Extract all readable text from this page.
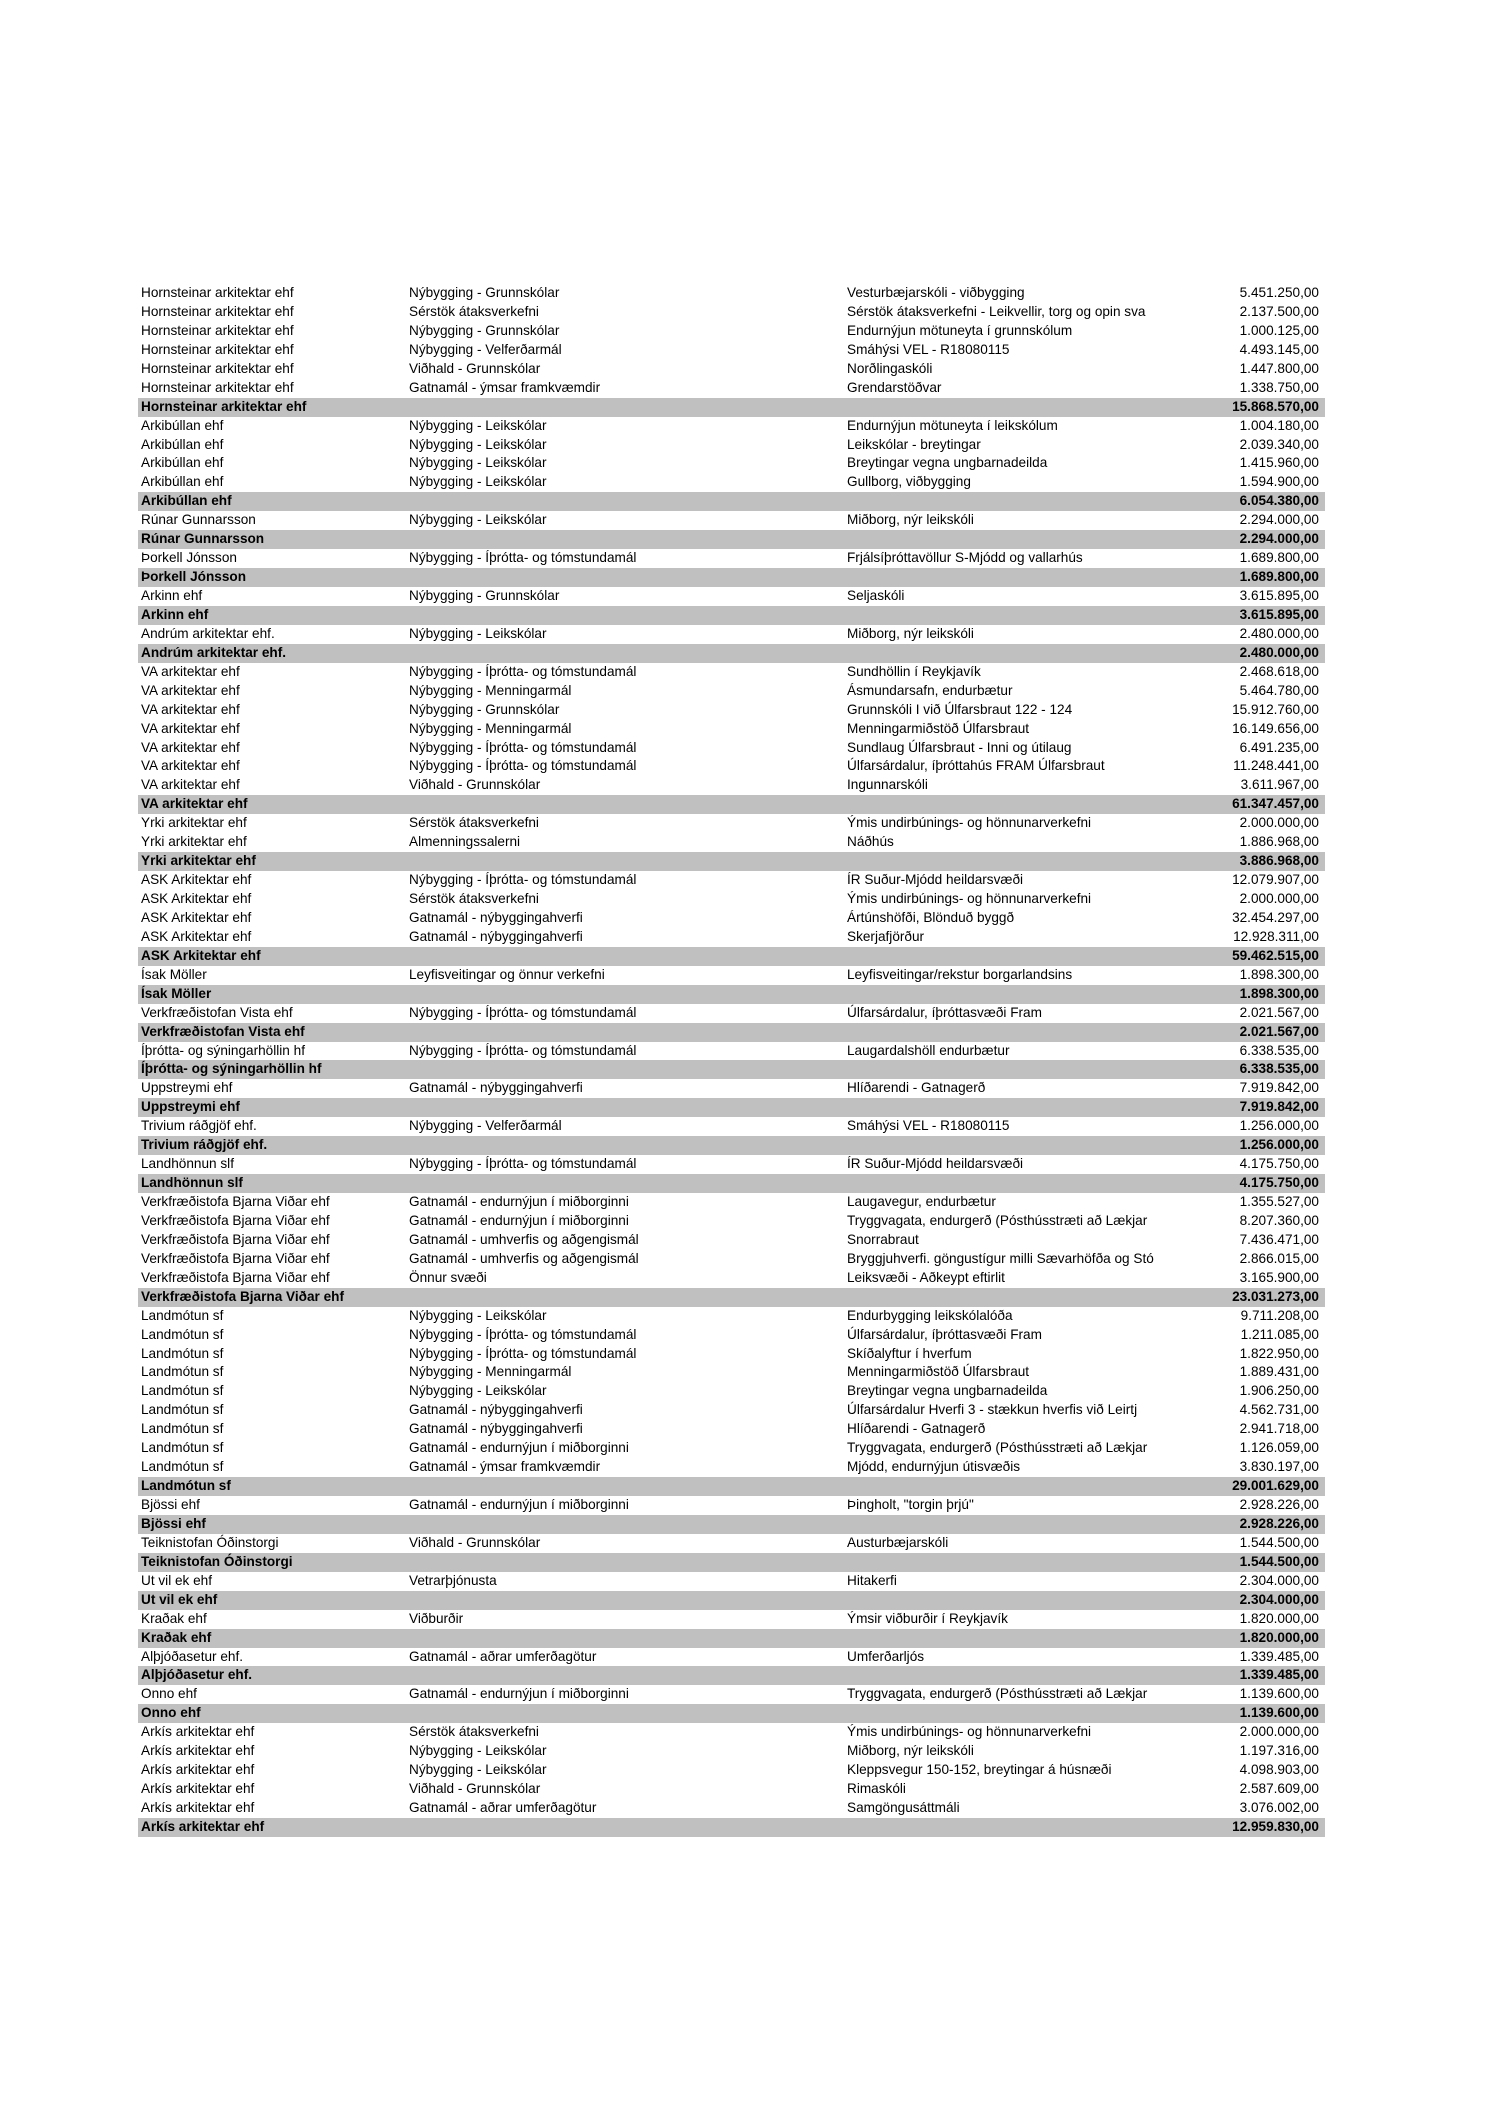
Hornsteinar arkitektar ehf	Nýbygging - Grunnskólar	Vesturbæjarskóli - viðbygging	5.451.250,00
Hornsteinar arkitektar ehf	Sérstök átaksverkefni	Sérstök átaksverkefni - Leikvellir, torg og opin sva	2.137.500,00
Hornsteinar arkitektar ehf	Nýbygging - Grunnskólar	Endurnýjun mötuneyta í grunnskólum	1.000.125,00
Hornsteinar arkitektar ehf	Nýbygging - Velferðarmál	Smáhýsi VEL - R18080115	4.493.145,00
Hornsteinar arkitektar ehf	Viðhald - Grunnskólar	Norðlingaskóli	1.447.800,00
Hornsteinar arkitektar ehf	Gatnamál - ýmsar framkvæmdir	Grendarstöðvar	1.338.750,00
Hornsteinar arkitektar ehf	15.868.570,00
Arkibúllan ehf	Nýbygging - Leikskólar	Endurnýjun mötuneyta í leikskólum	1.004.180,00
Arkibúllan ehf	Nýbygging - Leikskólar	Leikskólar - breytingar	2.039.340,00
Arkibúllan ehf	Nýbygging - Leikskólar	Breytingar vegna ungbarnadeilda	1.415.960,00
Arkibúllan ehf	Nýbygging - Leikskólar	Gullborg, viðbygging	1.594.900,00
Arkibúllan ehf	6.054.380,00
Rúnar Gunnarsson	Nýbygging - Leikskólar	Miðborg, nýr leikskóli	2.294.000,00
Rúnar Gunnarsson	2.294.000,00
Þorkell Jónsson	Nýbygging - Íþrótta- og tómstundamál	Frjálsíþróttavöllur S-Mjódd og vallarhús	1.689.800,00
Þorkell Jónsson	1.689.800,00
Arkinn ehf	Nýbygging - Grunnskólar	Seljaskóli	3.615.895,00
Arkinn ehf	3.615.895,00
Andrúm arkitektar ehf.	Nýbygging - Leikskólar	Miðborg, nýr leikskóli	2.480.000,00
Andrúm arkitektar ehf.	2.480.000,00
VA arkitektar ehf	Nýbygging - Íþrótta- og tómstundamál	Sundhöllin í Reykjavík	2.468.618,00
VA arkitektar ehf	Nýbygging - Menningarmál	Ásmundarsafn, endurbætur	5.464.780,00
VA arkitektar ehf	Nýbygging - Grunnskólar	Grunnskóli I við Úlfarsbraut 122 - 124	15.912.760,00
VA arkitektar ehf	Nýbygging - Menningarmál	Menningarmiðstöð Úlfarsbraut	16.149.656,00
VA arkitektar ehf	Nýbygging - Íþrótta- og tómstundamál	Sundlaug Úlfarsbraut - Inni og útilaug	6.491.235,00
VA arkitektar ehf	Nýbygging - Íþrótta- og tómstundamál	Úlfarsárdalur, íþróttahús FRAM Úlfarsbraut	11.248.441,00
VA arkitektar ehf	Viðhald - Grunnskólar	Ingunnarskóli	3.611.967,00
VA arkitektar ehf	61.347.457,00
Yrki arkitektar ehf	Sérstök átaksverkefni	Ýmis undirbúnings- og hönnunarverkefni	2.000.000,00
Yrki arkitektar ehf	Almenningssalerni	Náðhús	1.886.968,00
Yrki arkitektar ehf	3.886.968,00
ASK Arkitektar ehf	Nýbygging - Íþrótta- og tómstundamál	ÍR Suður-Mjódd heildarsvæði	12.079.907,00
ASK Arkitektar ehf	Sérstök átaksverkefni	Ýmis undirbúnings- og hönnunarverkefni	2.000.000,00
ASK Arkitektar ehf	Gatnamál - nýbyggingahverfi	Ártúnshöfði, Blönduð byggð	32.454.297,00
ASK Arkitektar ehf	Gatnamál - nýbyggingahverfi	Skerjafjörður	12.928.311,00
ASK Arkitektar ehf	59.462.515,00
Ísak Möller	Leyfisveitingar og önnur verkefni	Leyfisveitingar/rekstur borgarlandsins	1.898.300,00
Ísak Möller	1.898.300,00
Verkfræðistofan Vista ehf	Nýbygging - Íþrótta- og tómstundamál	Úlfarsárdalur, íþróttasvæði Fram	2.021.567,00
Verkfræðistofan Vista ehf	2.021.567,00
Íþrótta- og sýningarhöllin hf	Nýbygging - Íþrótta- og tómstundamál	Laugardalshöll endurbætur	6.338.535,00
Íþrótta- og sýningarhöllin hf	6.338.535,00
Uppstreymi ehf	Gatnamál - nýbyggingahverfi	Hlíðarendi - Gatnagerð	7.919.842,00
Uppstreymi ehf	7.919.842,00
Trivium ráðgjöf ehf.	Nýbygging - Velferðarmál	Smáhýsi VEL - R18080115	1.256.000,00
Trivium ráðgjöf ehf.	1.256.000,00
Landhönnun slf	Nýbygging - Íþrótta- og tómstundamál	ÍR Suður-Mjódd heildarsvæði	4.175.750,00
Landhönnun slf	4.175.750,00
Verkfræðistofa Bjarna Viðar ehf	Gatnamál - endurnýjun í miðborginni	Laugavegur, endurbætur	1.355.527,00
Verkfræðistofa Bjarna Viðar ehf	Gatnamál - endurnýjun í miðborginni	Tryggvagata, endurgerð (Pósthússtræti að Lækjar	8.207.360,00
Verkfræðistofa Bjarna Viðar ehf	Gatnamál - umhverfis og aðgengismál	Snorrabraut	7.436.471,00
Verkfræðistofa Bjarna Viðar ehf	Gatnamál - umhverfis og aðgengismál	Bryggjuhverfi. göngustígur milli Sævarhöfða og Stó	2.866.015,00
Verkfræðistofa Bjarna Viðar ehf	Önnur svæði	Leiksvæði - Aðkeypt eftirlit	3.165.900,00
Verkfræðistofa Bjarna Viðar ehf	23.031.273,00
Landmótun sf	Nýbygging - Leikskólar	Endurbygging leikskólalóða	9.711.208,00
Landmótun sf	Nýbygging - Íþrótta- og tómstundamál	Úlfarsárdalur, íþróttasvæði Fram	1.211.085,00
Landmótun sf	Nýbygging - Íþrótta- og tómstundamál	Skíðalyftur í hverfum	1.822.950,00
Landmótun sf	Nýbygging - Menningarmál	Menningarmiðstöð Úlfarsbraut	1.889.431,00
Landmótun sf	Nýbygging - Leikskólar	Breytingar vegna ungbarnadeilda	1.906.250,00
Landmótun sf	Gatnamál - nýbyggingahverfi	Úlfarsárdalur Hverfi 3 - stækkun hverfis við Leirtj	4.562.731,00
Landmótun sf	Gatnamál - nýbyggingahverfi	Hlíðarendi - Gatnagerð	2.941.718,00
Landmótun sf	Gatnamál - endurnýjun í miðborginni	Tryggvagata, endurgerð (Pósthússtræti að Lækjar	1.126.059,00
Landmótun sf	Gatnamál - ýmsar framkvæmdir	Mjódd, endurnýjun útisvæðis	3.830.197,00
Landmótun sf	29.001.629,00
Bjössi ehf	Gatnamál - endurnýjun í miðborginni	Þingholt, "torgin þrjú"	2.928.226,00
Bjössi ehf	2.928.226,00
Teiknistofan Óðinstorgi	Viðhald - Grunnskólar	Austurbæjarskóli	1.544.500,00
Teiknistofan Óðinstorgi	1.544.500,00
Ut vil ek ehf	Vetrarþjónusta	Hitakerfi	2.304.000,00
Ut vil ek ehf	2.304.000,00
Kraðak ehf	Viðburðir	Ýmsir viðburðir í Reykjavík	1.820.000,00
Kraðak ehf	1.820.000,00
Alþjóðasetur ehf.	Gatnamál - aðrar umferðagötur	Umferðarljós	1.339.485,00
Alþjóðasetur ehf.	1.339.485,00
Onno ehf	Gatnamál - endurnýjun í miðborginni	Tryggvagata, endurgerð (Pósthússtræti að Lækjar	1.139.600,00
Onno ehf	1.139.600,00
Arkís arkitektar ehf	Sérstök átaksverkefni	Ýmis undirbúnings- og hönnunarverkefni	2.000.000,00
Arkís arkitektar ehf	Nýbygging - Leikskólar	Miðborg, nýr leikskóli	1.197.316,00
Arkís arkitektar ehf	Nýbygging - Leikskólar	Kleppsvegur 150-152, breytingar á húsnæði	4.098.903,00
Arkís arkitektar ehf	Viðhald - Grunnskólar	Rimaskóli	2.587.609,00
Arkís arkitektar ehf	Gatnamál - aðrar umferðagötur	Samgöngusáttmáli	3.076.002,00
Arkís arkitektar ehf	12.959.830,00
